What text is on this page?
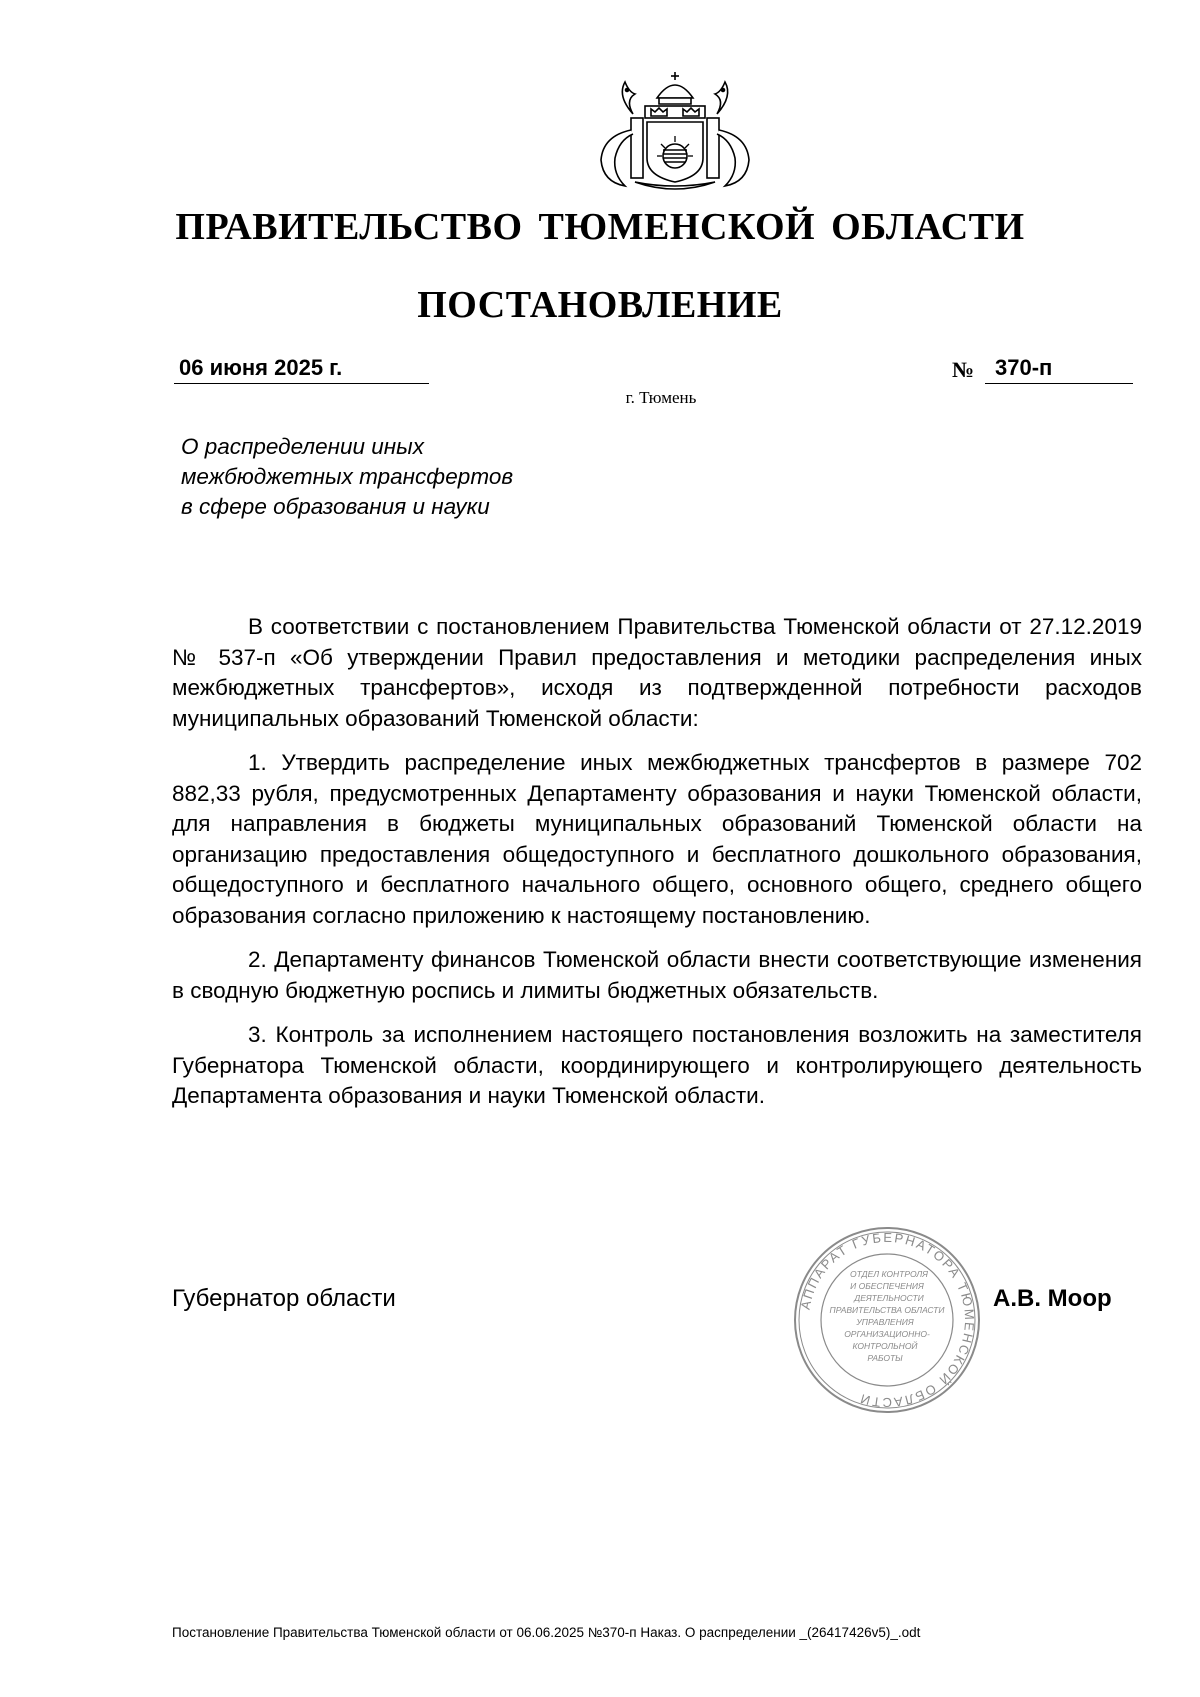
ПРАВИТЕЛЬСТВО ТЮМЕНСКОЙ ОБЛАСТИ
ПОСТАНОВЛЕНИЕ
06 июня 2025 г.	№ 370-п
г. Тюмень
О распределении иных
межбюджетных трансфертов
в сфере образования и науки

В соответствии с постановлением Правительства Тюменской области от 27.12.2019 № 537-п «Об утверждении Правил предоставления и методики распределения иных межбюджетных трансфертов», исходя из подтвержденной потребности расходов муниципальных образований Тюменской области:

1. Утвердить распределение иных межбюджетных трансфертов в размере 702 882,33 рубля, предусмотренных Департаменту образования и науки Тюменской области, для направления в бюджеты муниципальных образований Тюменской области на организацию предоставления общедоступного и бесплатного дошкольного образования, общедоступного и бесплатного начального общего, основного общего, среднего общего образования согласно приложению к настоящему постановлению.

2. Департаменту финансов Тюменской области внести соответствующие изменения в сводную бюджетную роспись и лимиты бюджетных обязательств.

3. Контроль за исполнением настоящего постановления возложить на заместителя Губернатора Тюменской области, координирующего и контролирующего деятельность Департамента образования и науки Тюменской области.

Губернатор области	АППАРАТ ГУБЕРНАТОРА ТЮМЕНСКОЙ ОБЛАСТИ
ОТДЕЛ КОНТРОЛЯ
И ОБЕСПЕЧЕНИЯ
ДЕЯТЕЛЬНОСТИ
ПРАВИТЕЛЬСТВА ОБЛАСТИ
УПРАВЛЕНИЯ
ОРГАНИЗАЦИОННО-
КОНТРОЛЬНОЙ
РАБОТЫ
А.В. Моор
Постановление Правительства Тюменской области от 06.06.2025 №370-п Наказ. О распределении _(26417426v5)_.odt
